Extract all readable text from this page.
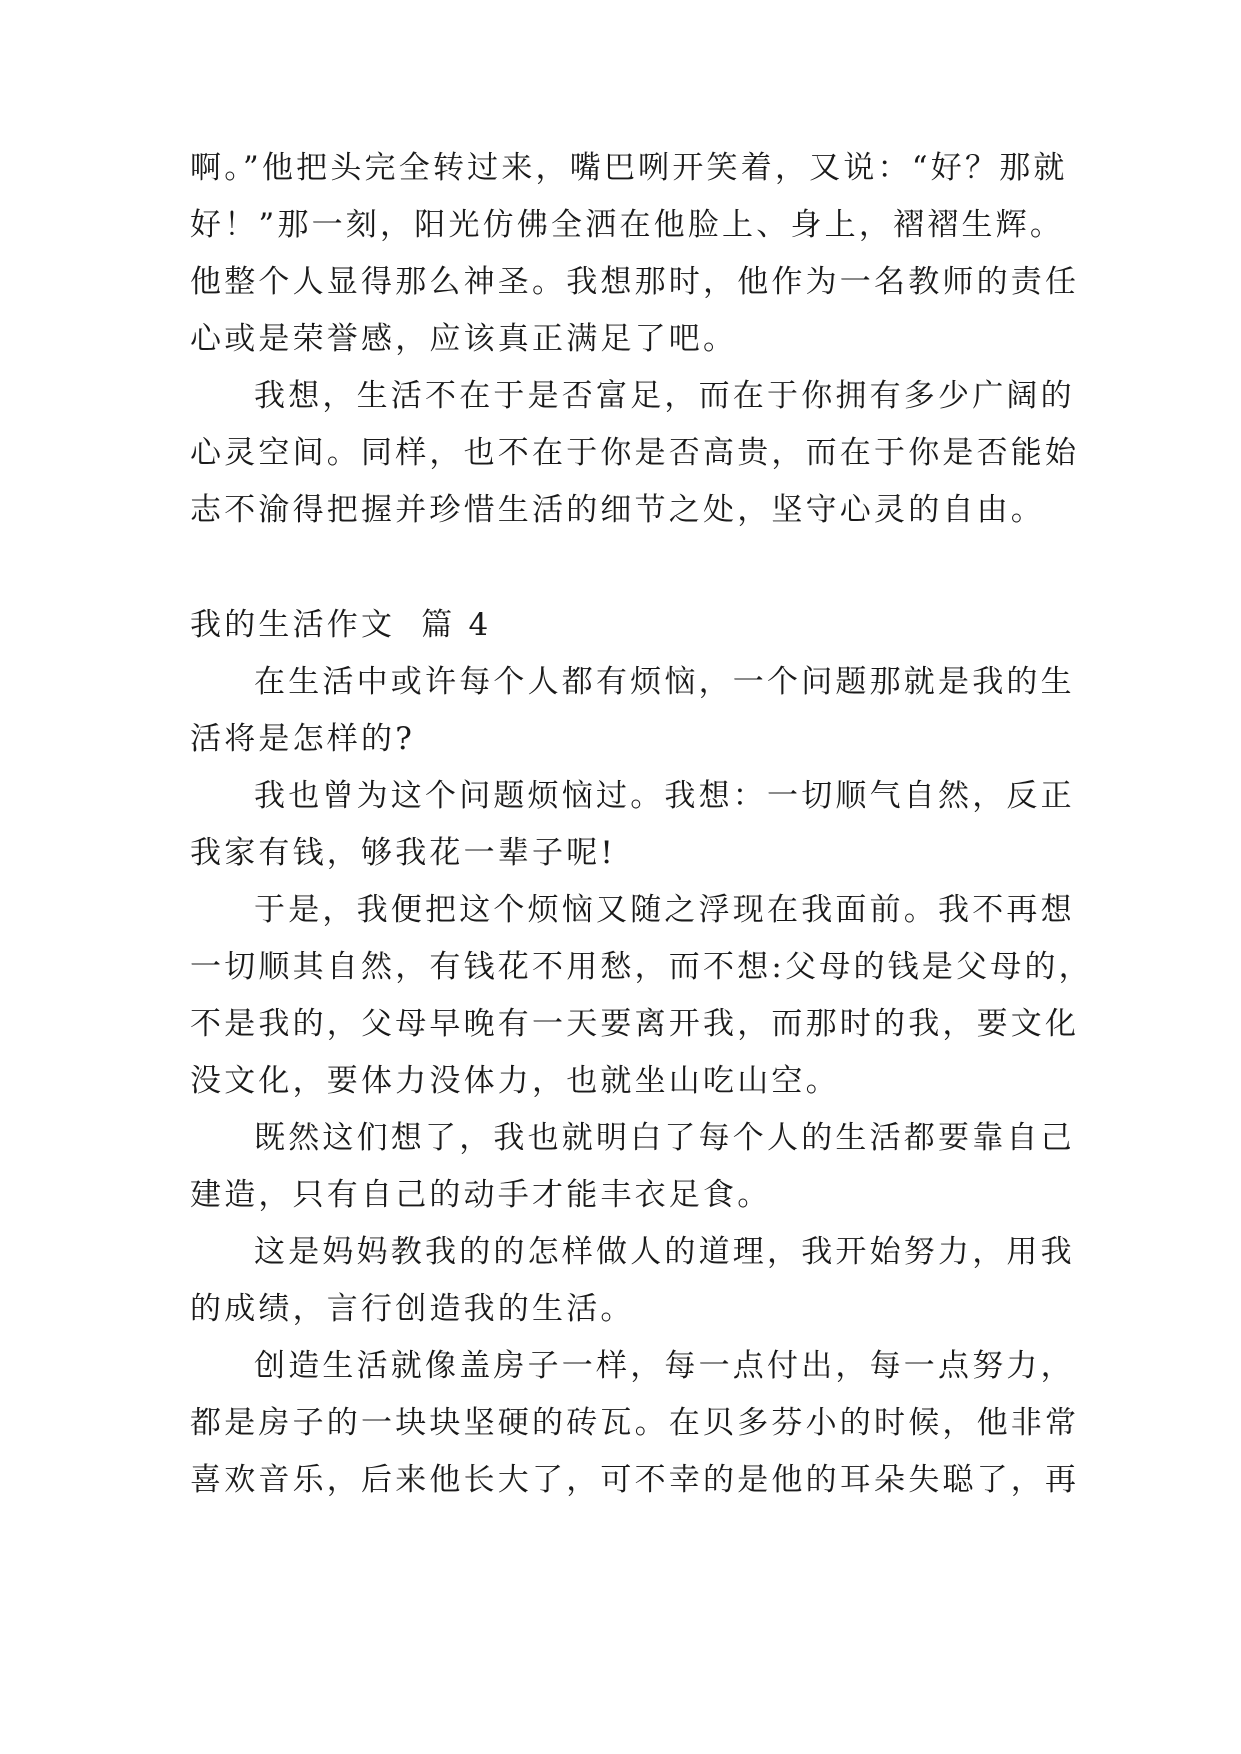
啊。”他把头完全转过来，嘴巴咧开笑着，又说：“好？那就
好！”那一刻，阳光仿佛全洒在他脸上、身上，褶褶生辉。
他整个人显得那么神圣。我想那时，他作为一名教师的责任
心或是荣誉感，应该真正满足了吧。
我想，生活不在于是否富足，而在于你拥有多少广阔的
心灵空间。同样，也不在于你是否高贵，而在于你是否能始
志不渝得把握并珍惜生活的细节之处，坚守心灵的自由。
我的生活作文  篇 4
在生活中或许每个人都有烦恼，一个问题那就是我的生
活将是怎样的?
我也曾为这个问题烦恼过。我想：一切顺气自然，反正
我家有钱，够我花一辈子呢!
于是，我便把这个烦恼又随之浮现在我面前。我不再想
一切顺其自然，有钱花不用愁，而不想:父母的钱是父母的，
不是我的，父母早晚有一天要离开我，而那时的我，要文化
没文化，要体力没体力，也就坐山吃山空。
既然这们想了，我也就明白了每个人的生活都要靠自己
建造，只有自己的动手才能丰衣足食。
这是妈妈教我的的怎样做人的道理，我开始努力，用我
的成绩，言行创造我的生活。
创造生活就像盖房子一样，每一点付出，每一点努力，
都是房子的一块块坚硬的砖瓦。在贝多芬小的时候，他非常
喜欢音乐，后来他长大了，可不幸的是他的耳朵失聪了，再
